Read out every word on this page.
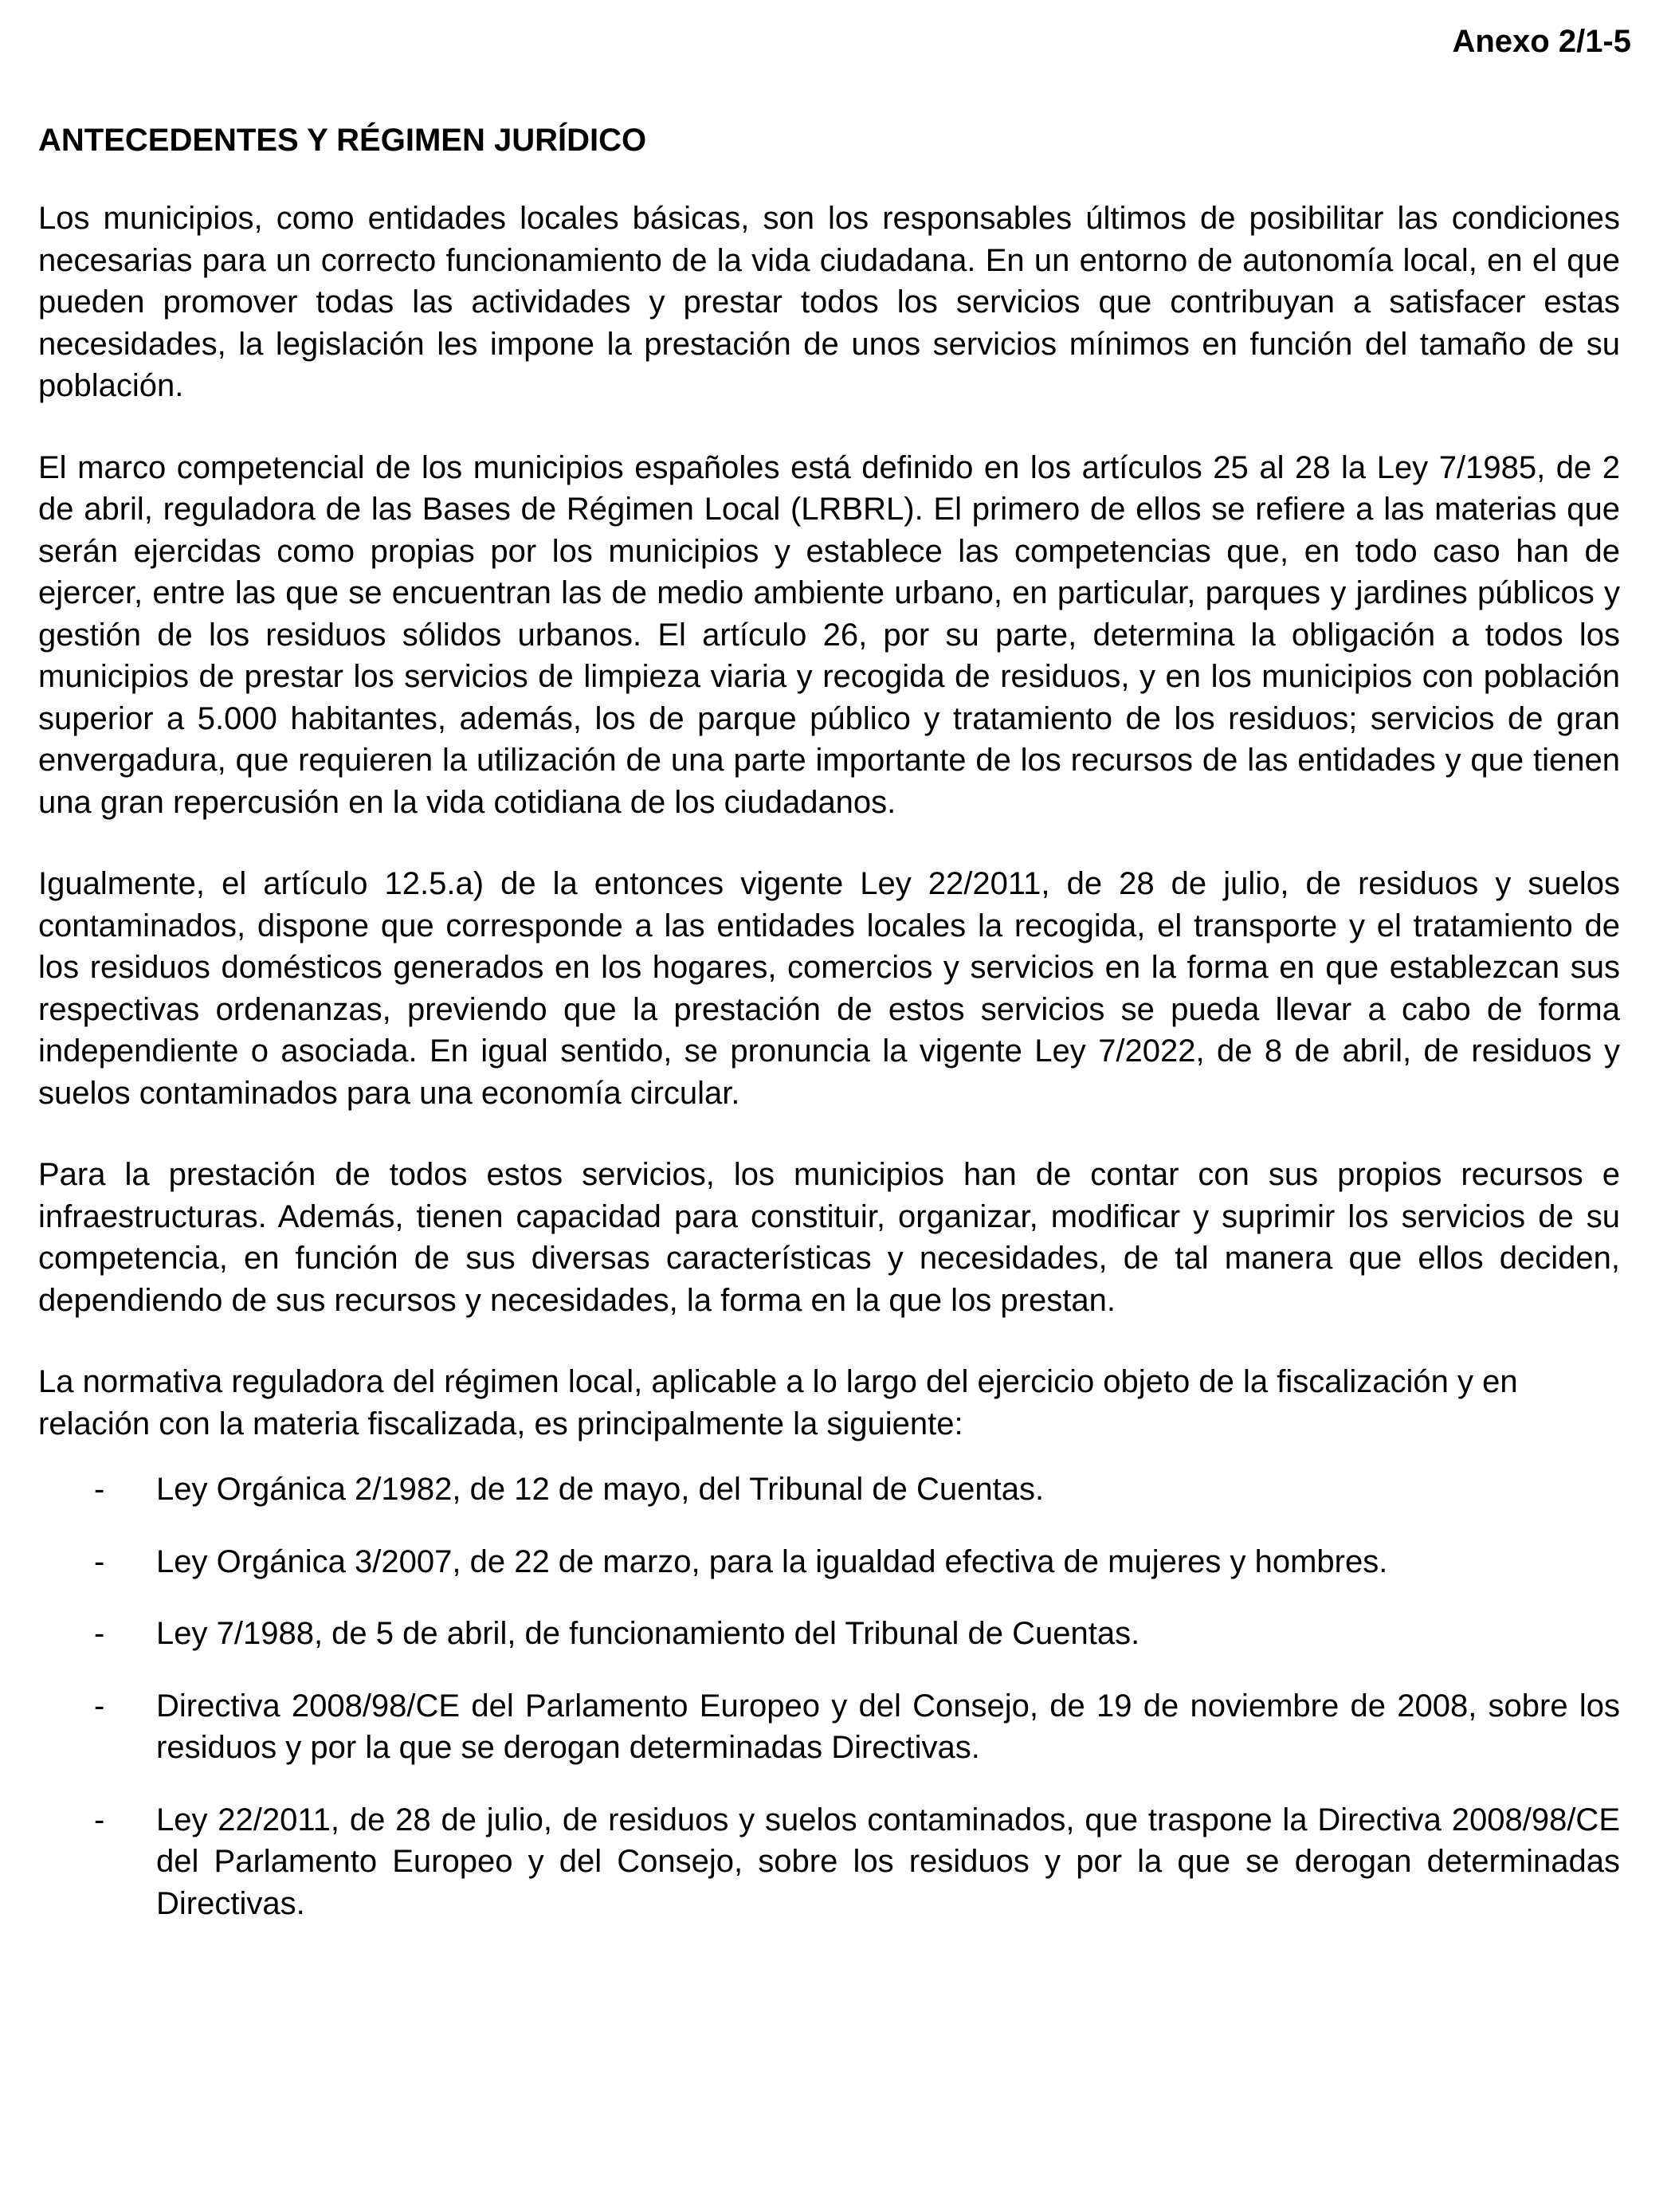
Anexo 2/1-5
ANTECEDENTES Y RÉGIMEN JURÍDICO

Los municipios, como entidades locales básicas, son los responsables últimos de posibilitar las condiciones necesarias para un correcto funcionamiento de la vida ciudadana. En un entorno de autonomía local, en el que pueden promover todas las actividades y prestar todos los servicios que contribuyan a satisfacer estas necesidades, la legislación les impone la prestación de unos servicios mínimos en función del tamaño de su población.

El marco competencial de los municipios españoles está definido en los artículos 25 al 28 la Ley 7/1985, de 2 de abril, reguladora de las Bases de Régimen Local (LRBRL). El primero de ellos se refiere a las materias que serán ejercidas como propias por los municipios y establece las competencias que, en todo caso han de ejercer, entre las que se encuentran las de medio ambiente urbano, en particular, parques y jardines públicos y gestión de los residuos sólidos urbanos. El artículo 26, por su parte, determina la obligación a todos los municipios de prestar los servicios de limpieza viaria y recogida de residuos, y en los municipios con población superior a 5.000 habitantes, además, los de parque público y tratamiento de los residuos; servicios de gran envergadura, que requieren la utilización de una parte importante de los recursos de las entidades y que tienen una gran repercusión en la vida cotidiana de los ciudadanos.

Igualmente, el artículo 12.5.a) de la entonces vigente Ley 22/2011, de 28 de julio, de residuos y suelos contaminados, dispone que corresponde a las entidades locales la recogida, el transporte y el tratamiento de los residuos domésticos generados en los hogares, comercios y servicios en la forma en que establezcan sus respectivas ordenanzas, previendo que la prestación de estos servicios se pueda llevar a cabo de forma independiente o asociada. En igual sentido, se pronuncia la vigente Ley 7/2022, de 8 de abril, de residuos y suelos contaminados para una economía circular.

Para la prestación de todos estos servicios, los municipios han de contar con sus propios recursos e infraestructuras. Además, tienen capacidad para constituir, organizar, modificar y suprimir los servicios de su competencia, en función de sus diversas características y necesidades, de tal manera que ellos deciden, dependiendo de sus recursos y necesidades, la forma en la que los prestan.

La normativa reguladora del régimen local, aplicable a lo largo del ejercicio objeto de la fiscalización y en relación con la materia fiscalizada, es principalmente la siguiente:

- Ley Orgánica 2/1982, de 12 de mayo, del Tribunal de Cuentas.
- Ley Orgánica 3/2007, de 22 de marzo, para la igualdad efectiva de mujeres y hombres.
- Ley 7/1988, de 5 de abril, de funcionamiento del Tribunal de Cuentas.
- Directiva 2008/98/CE del Parlamento Europeo y del Consejo, de 19 de noviembre de 2008, sobre los residuos y por la que se derogan determinadas Directivas.
- Ley 22/2011, de 28 de julio, de residuos y suelos contaminados, que traspone la Directiva 2008/98/CE del Parlamento Europeo y del Consejo, sobre los residuos y por la que se derogan determinadas Directivas.
